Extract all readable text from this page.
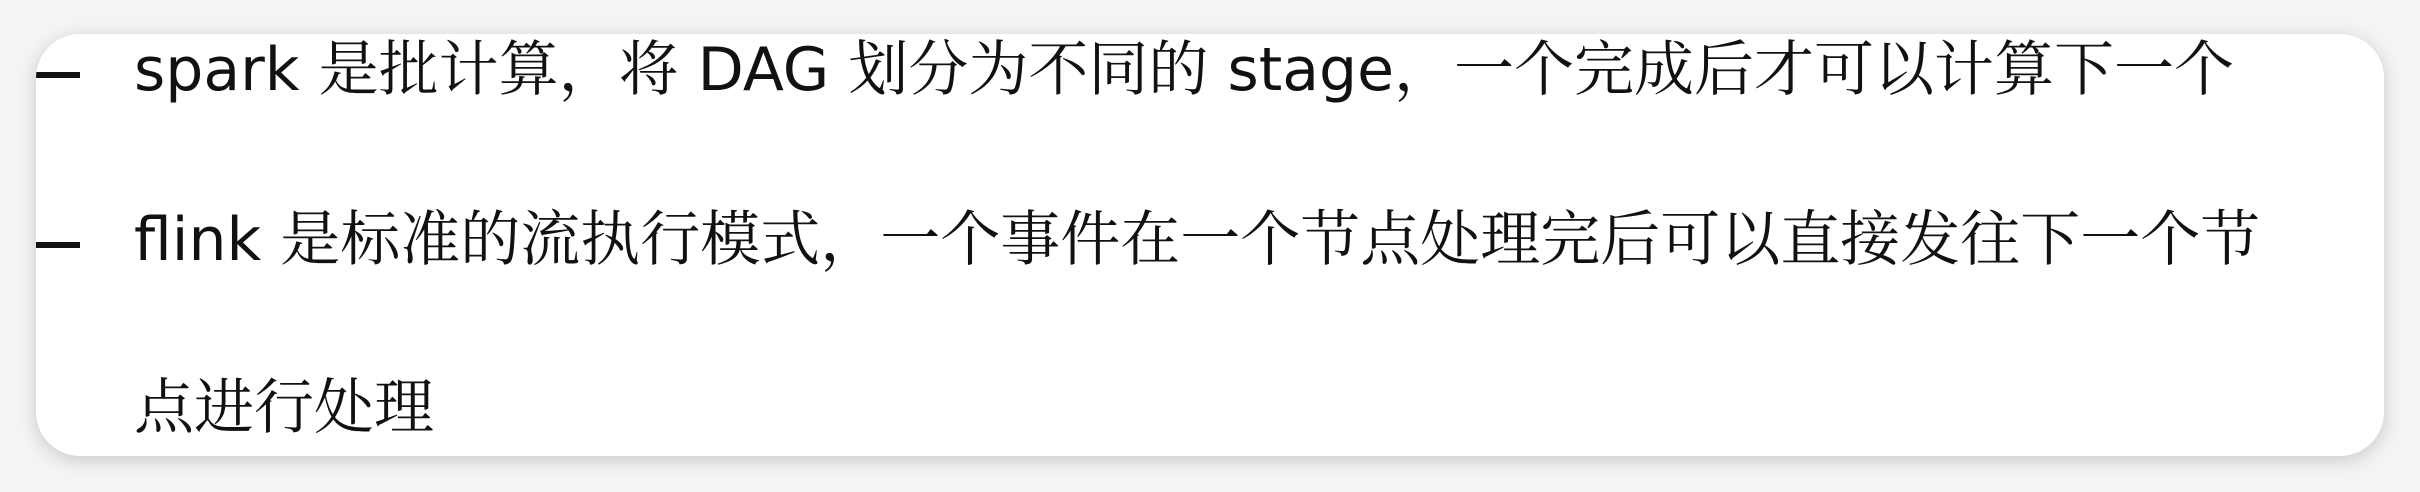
spark 是批计算，将 DAG 划分为不同的 stage，一个完成后才可以计算下一个
flink 是标准的流执行模式，一个事件在一个节点处理完后可以直接发往下一个节
点进行处理
